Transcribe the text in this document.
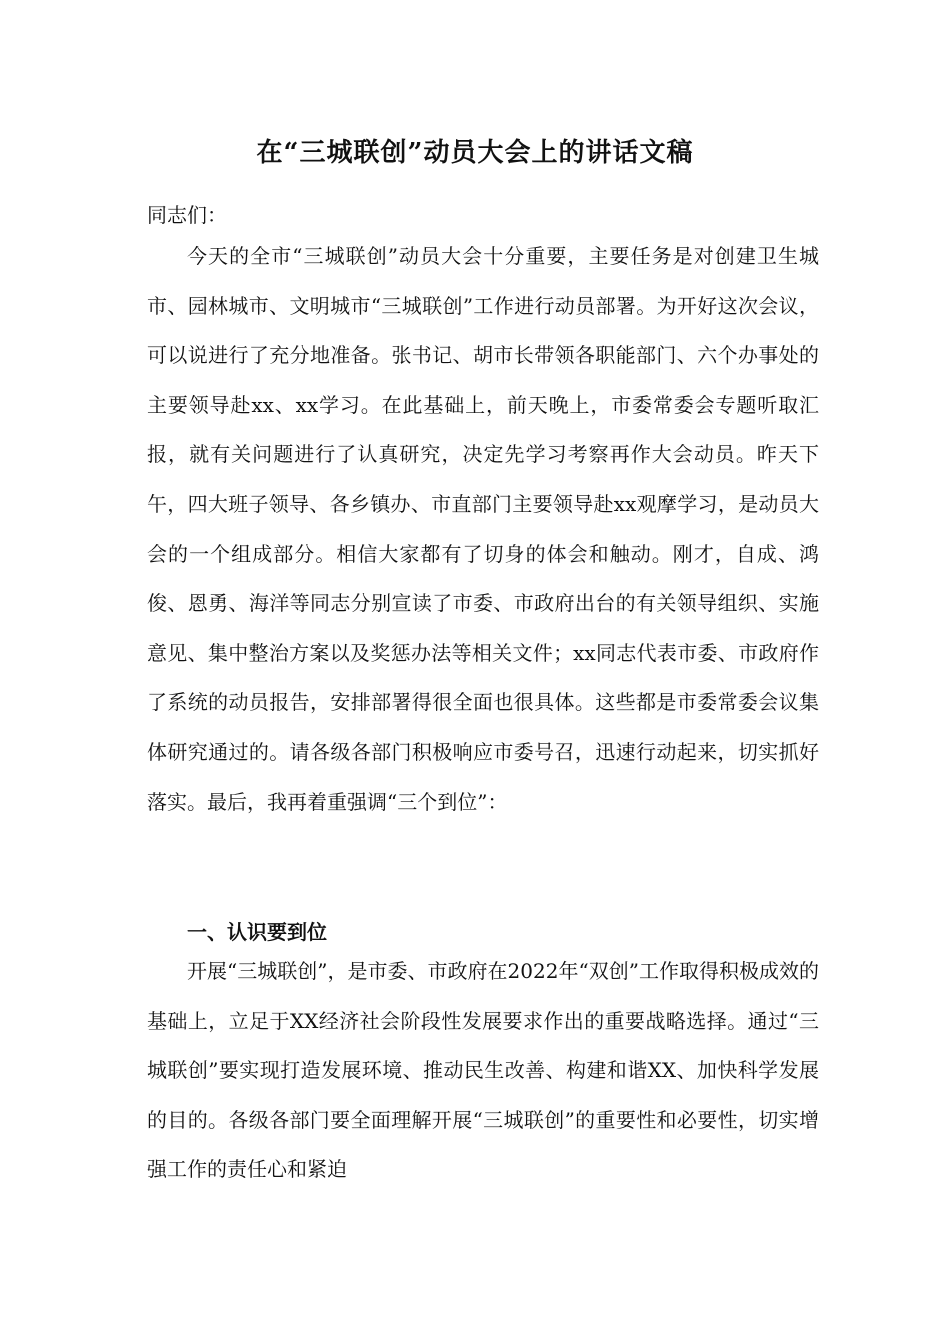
在“三城联创”动员大会上的讲话文稿
同志们：

今天的全市“三城联创”动员大会十分重要，主要任务是对创建卫生城市、园林城市、文明城市“三城联创”工作进行动员部署。为开好这次会议，可以说进行了充分地准备。张书记、胡市长带领各职能部门、六个办事处的主要领导赴xx、xx学习。在此基础上，前天晚上，市委常委会专题听取汇报，就有关问题进行了认真研究，决定先学习考察再作大会动员。昨天下午，四大班子领导、各乡镇办、市直部门主要领导赴xx观摩学习，是动员大会的一个组成部分。相信大家都有了切身的体会和触动。刚才，自成、鸿俊、恩勇、海洋等同志分别宣读了市委、市政府出台的有关领导组织、实施意见、集中整治方案以及奖惩办法等相关文件；xx同志代表市委、市政府作了系统的动员报告，安排部署得很全面也很具体。这些都是市委常委会议集体研究通过的。请各级各部门积极响应市委号召，迅速行动起来，切实抓好落实。最后，我再着重强调“三个到位”：

一、认识要到位

开展“三城联创”，是市委、市政府在2022年“双创”工作取得积极成效的基础上，立足于XX经济社会阶段性发展要求作出的重要战略选择。通过“三城联创”要实现打造发展环境、推动民生改善、构建和谐XX、加快科学发展的目的。各级各部门要全面理解开展“三城联创”的重要性和必要性，切实增强工作的责任心和紧迫
